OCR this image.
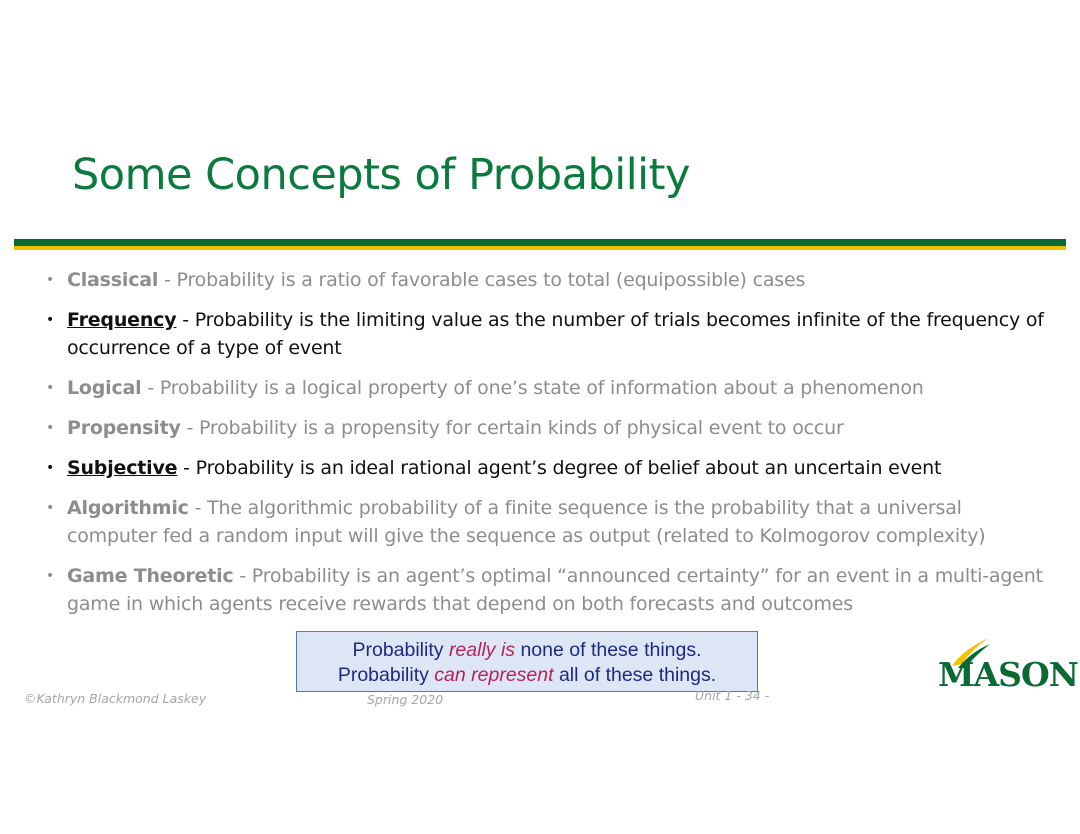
Some Concepts of Probability
• Classical - Probability is a ratio of favorable cases to total (equipossible) cases
• Frequency - Probability is the limiting value as the number of trials becomes infinite of the frequency of occurrence of a type of event
• Logical - Probability is a logical property of one’s state of information about a phenomenon
• Propensity - Probability is a propensity for certain kinds of physical event to occur
• Subjective - Probability is an ideal rational agent’s degree of belief about an uncertain event
• Algorithmic - The algorithmic probability of a finite sequence is the probability that a universal computer fed a random input will give the sequence as output (related to Kolmogorov complexity)
• Game Theoretic - Probability is an agent’s optimal “announced certainty” for an event in a multi-agent game in which agents receive rewards that depend on both forecasts and outcomes
Probability really is none of these things.
Probability can represent all of these things.
©Kathryn Blackmond Laskey	Spring 2020	Unit 1 - 34 -
MASON
